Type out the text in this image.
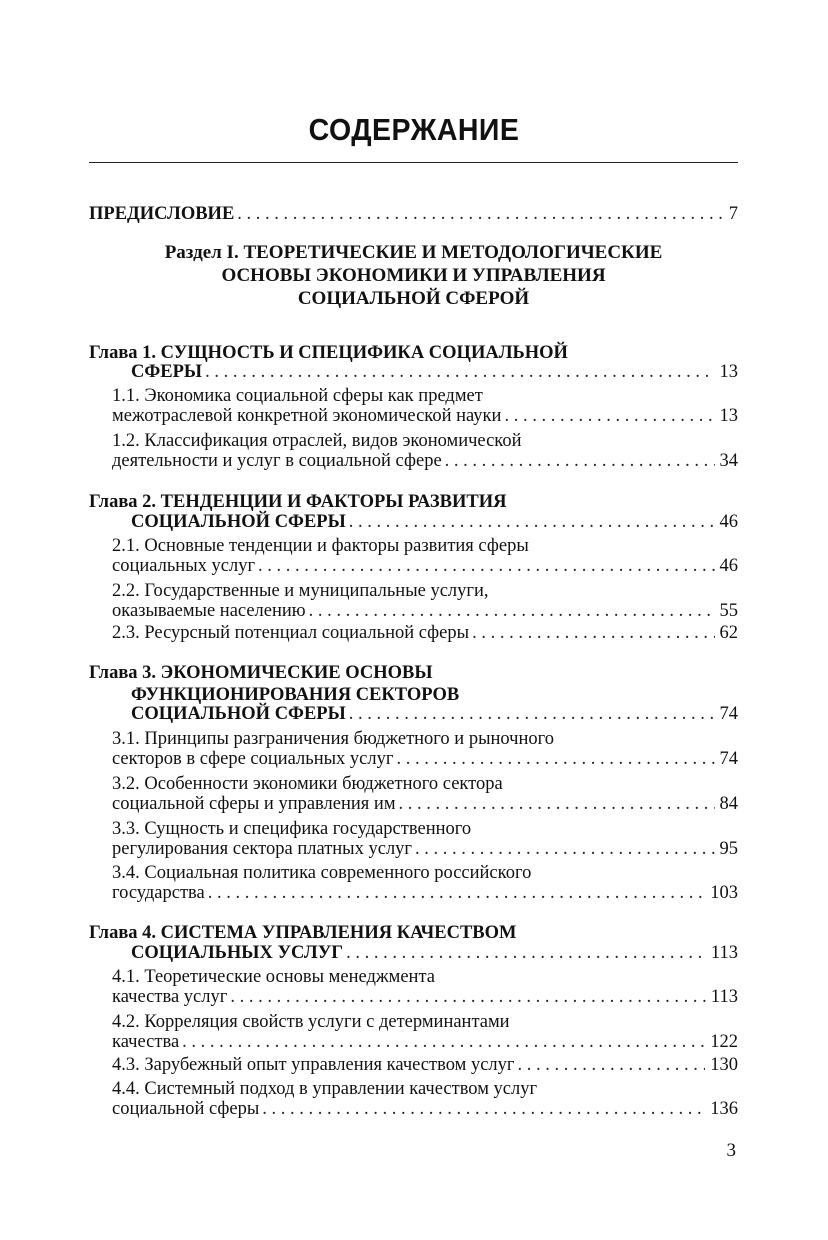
СОДЕРЖАНИЕ
ПРЕДИСЛОВИЕ . . .	7
Раздел I. ТЕОРЕТИЧЕСКИЕ И МЕТОДОЛОГИЧЕСКИЕ
ОСНОВЫ ЭКОНОМИКИ И УПРАВЛЕНИЯ
СОЦИАЛЬНОЙ СФЕРОЙ
Глава 1. СУЩНОСТЬ И СПЕЦИФИКА СОЦИАЛЬНОЙ
СФЕРЫ . . .	13
1.1. Экономика социальной сферы как предмет
межотраслевой конкретной экономической науки . . .	13
1.2. Классификация отраслей, видов экономической
деятельности и услуг в социальной сфере . . .	34
Глава 2. ТЕНДЕНЦИИ И ФАКТОРЫ РАЗВИТИЯ
СОЦИАЛЬНОЙ СФЕРЫ . . .	46
2.1. Основные тенденции и факторы развития сферы
социальных услуг . . .	46
2.2. Государственные и муниципальные услуги,
оказываемые населению . . .	55
2.3. Ресурсный потенциал социальной сферы . . .	62
Глава 3. ЭКОНОМИЧЕСКИЕ ОСНОВЫ
ФУНКЦИОНИРОВАНИЯ СЕКТОРОВ
СОЦИАЛЬНОЙ СФЕРЫ . . .	74
3.1. Принципы разграничения бюджетного и рыночного
секторов в сфере социальных услуг . . .	74
3.2. Особенности экономики бюджетного сектора
социальной сферы и управления им . . .	84
3.3. Сущность и специфика государственного
регулирования сектора платных услуг . . .	95
3.4. Социальная политика современного российского
государства . . .	103
Глава 4. СИСТЕМА УПРАВЛЕНИЯ КАЧЕСТВОМ
СОЦИАЛЬНЫХ УСЛУГ . . .	113
4.1. Теоретические основы менеджмента
качества услуг . . .	113
4.2. Корреляция свойств услуги с детерминантами
качества . . .	122
4.3. Зарубежный опыт управления качеством услуг . . .	130
4.4. Системный подход в управлении качеством услуг
социальной сферы . . .	136
3
